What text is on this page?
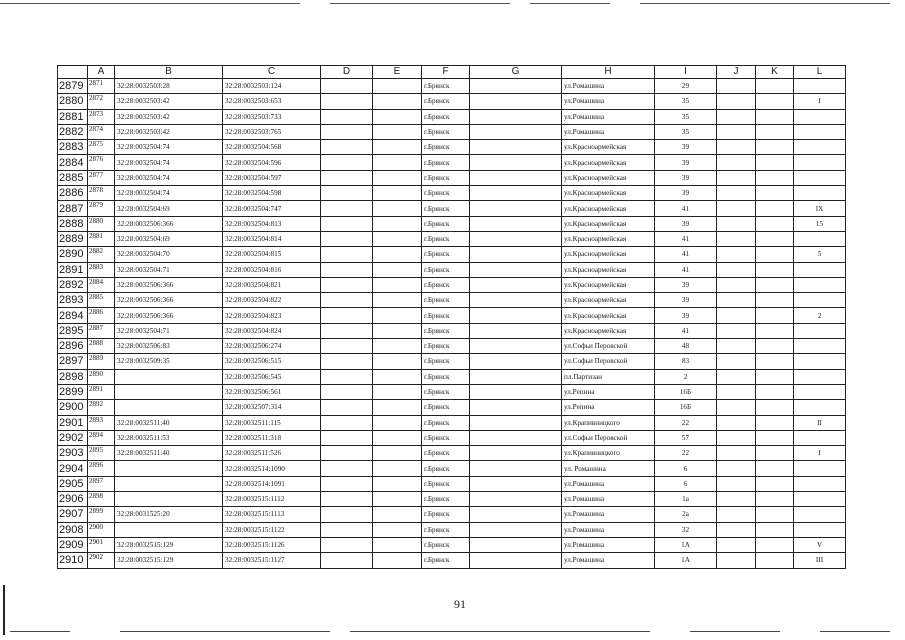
	A	B	C	D	E	F	G	H	I	J	K	L
2879	2871	32:28:0032503:28	32:28:0032503:124			г.Брянск		ул.Ромашина	29			
2880	2872	32:28:0032503:42	32:28:0032503:653			г.Брянск		ул.Ромашина	35			I
2881	2873	32:28:0032503:42	32:28:0032503:733			г.Брянск		ул.Ромашина	35			
2882	2874	32:28:0032503:42	32:28:0032503:765			г.Брянск		ул.Ромашина	35			
2883	2875	32:28:0032504:74	32:28:0032504:568			г.Брянск		ул.Красноармейская	39			
2884	2876	32:28:0032504:74	32:28:0032504:596			г.Брянск		ул.Красноармейская	39			
2885	2877	32:28:0032504:74	32:28:0032504:597			г.Брянск		ул.Красноармейская	39			
2886	2878	32:28:0032504:74	32:28:0032504:598			г.Брянск		ул.Красноармейская	39			
2887	2879	32:28:0032504:69	32:28:0032504:747			г.Брянск		ул.Красноармейская	41			IX
2888	2880	32:28:0032506:366	32:28:0032504:813			г.Брянск		ул.Красноармейская	39			15
2889	2881	32:28:0032504:69	32:28:0032504:814			г.Брянск		ул.Красноармейская	41			
2890	2882	32:28:0032504:70	32:28:0032504:815			г.Брянск		ул.Красноармейская	41			5
2891	2883	32:28:0032504:71	32:28:0032504:816			г.Брянск		ул.Красноармейская	41			
2892	2884	32:28:0032506:366	32:28:0032504:821			г.Брянск		ул.Красноармейская	39			
2893	2885	32:28:0032506:366	32:28:0032504:822			г.Брянск		ул.Красноармейская	39			
2894	2886	32:28:0032506:366	32:28:0032504:823			г.Брянск		ул.Красноармейская	39			2
2895	2887	32:28:0032504:71	32:28:0032504:824			г.Брянск		ул.Красноармейская	41			
2896	2888	32:28:0032506:83	32:28:0032506:274			г.Брянск		ул.Софьи Перовской	48			
2897	2889	32:28:0032509:35	32:28:0032506:515			г.Брянск		ул.Софьи Перовской	83			
2898	2890		32:28:0032506:545			г.Брянск		пл.Партизан	2			
2899	2891		32:28:0032506:561			г.Брянск		ул.Репина	16Б			
2900	2892		32:28:0032507:314			г.Брянск		ул.Репина	16Б			
2901	2893	32:28:0032511:40	32:28:0032511:115			г.Брянск		ул.Крапивницкого	22			II
2902	2894	32:28:0032511:53	32:28:0032511:318			г.Брянск		ул.Софьи Перовской	57			
2903	2895	32:28:0032511:40	32:28:0032511:526			г.Брянск		ул.Крапивницкого	22			I
2904	2896		32:28:0032514:1090			г.Брянск		ул. Ромашина	6			
2905	2897		32:28:0032514:1091			г.Брянск		ул.Ромашина	6			
2906	2898		32:28:0032515:1112			г.Брянск		ул.Ромашина	1а			
2907	2899	32:28:0031525:20	32:28:0032515:1113			г.Брянск		ул.Ромашина	2а			
2908	2900		32:28:0032515:1122			г.Брянск		ул.Ромашина	32			
2909	2901	32:28:0032515:129	32:28:0032515:1126			г.Брянск		ул.Ромашина	1А			V
2910	2902	32:28:0032515:129	32:28:0032515:1127			г.Брянск		ул.Ромашина	1А			III
91
